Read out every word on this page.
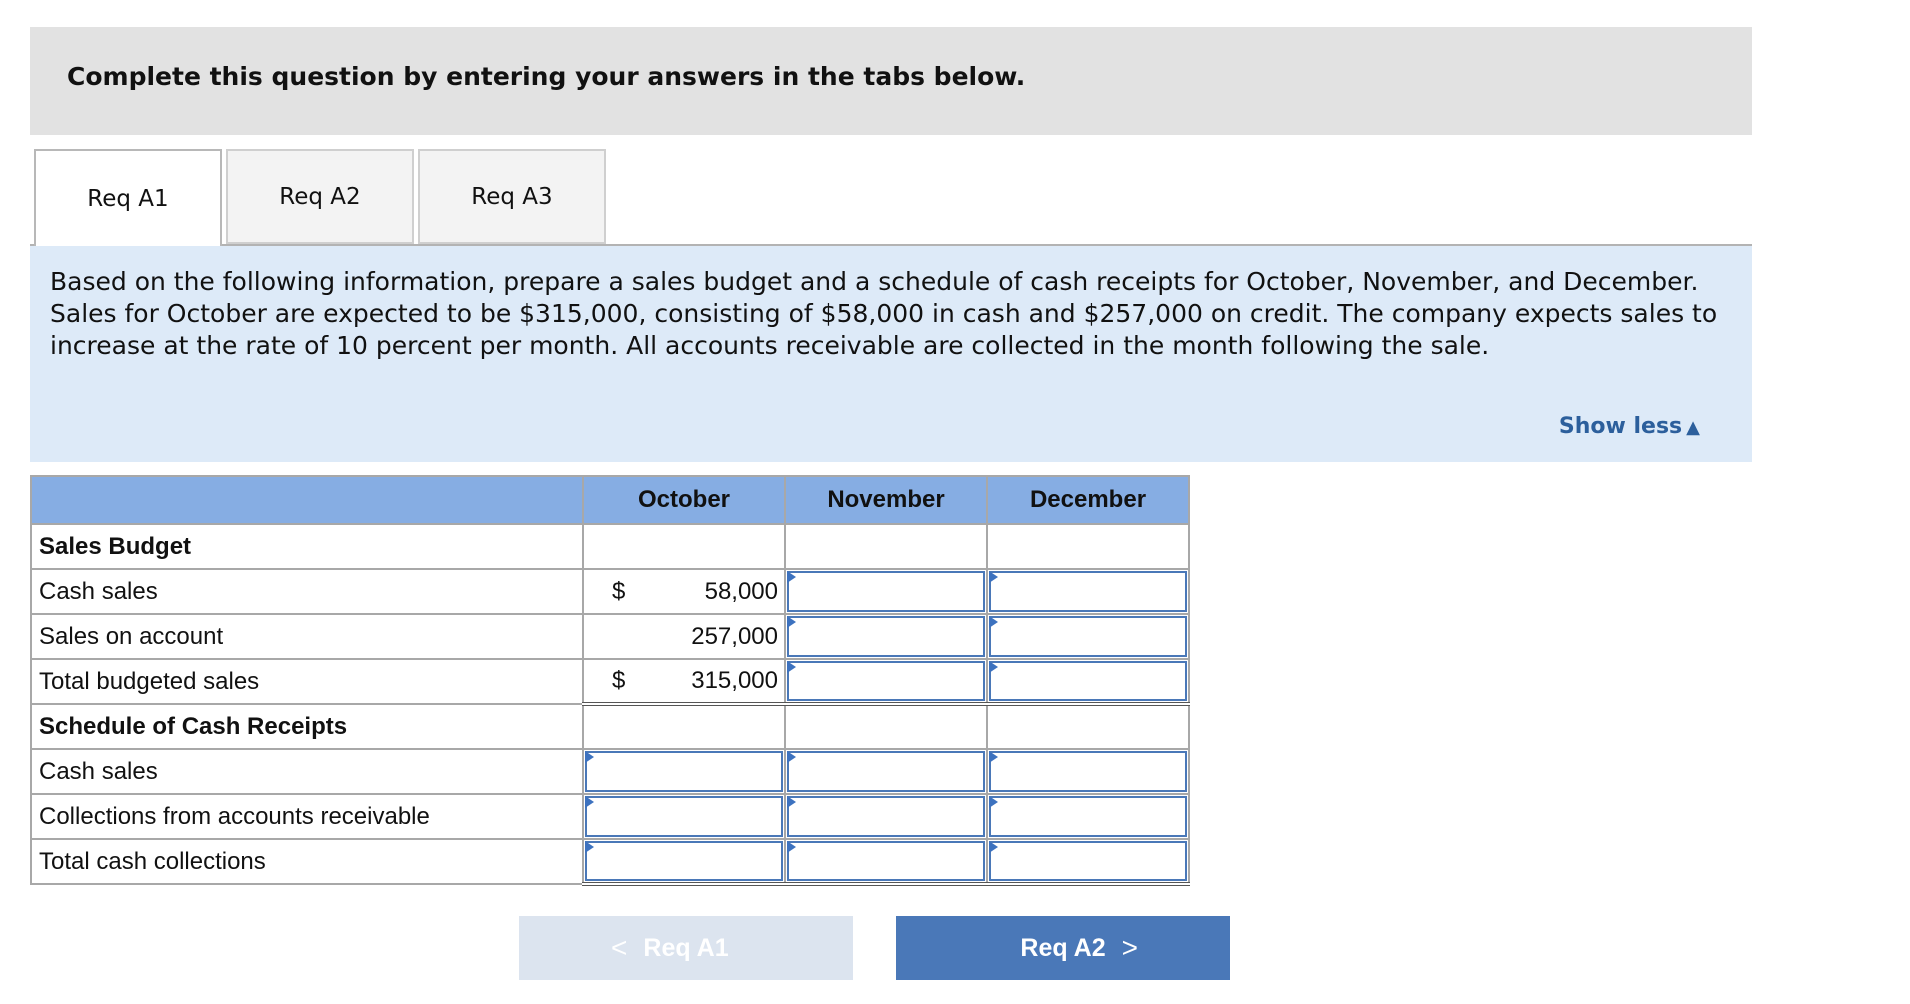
Complete this question by entering your answers in the tabs below.
Req A1	Req A2	Req A3

Based on the following information, prepare a sales budget and a schedule of cash receipts for October, November, and December. Sales for October are expected to be $315,000, consisting of $58,000 in cash and $257,000 on credit. The company expects sales to increase at the rate of 10 percent per month. All accounts receivable are collected in the month following the sale.

Show less ▲
	October	November	December
Sales Budget			
Cash sales	$ 58,000		

Sales on account	257,000		

Total budgeted sales	$ 315,000		

Schedule of Cash Receipts			
Cash sales	

Collections from accounts receivable	

Total cash collections	

< Req A1	Req A2 >
